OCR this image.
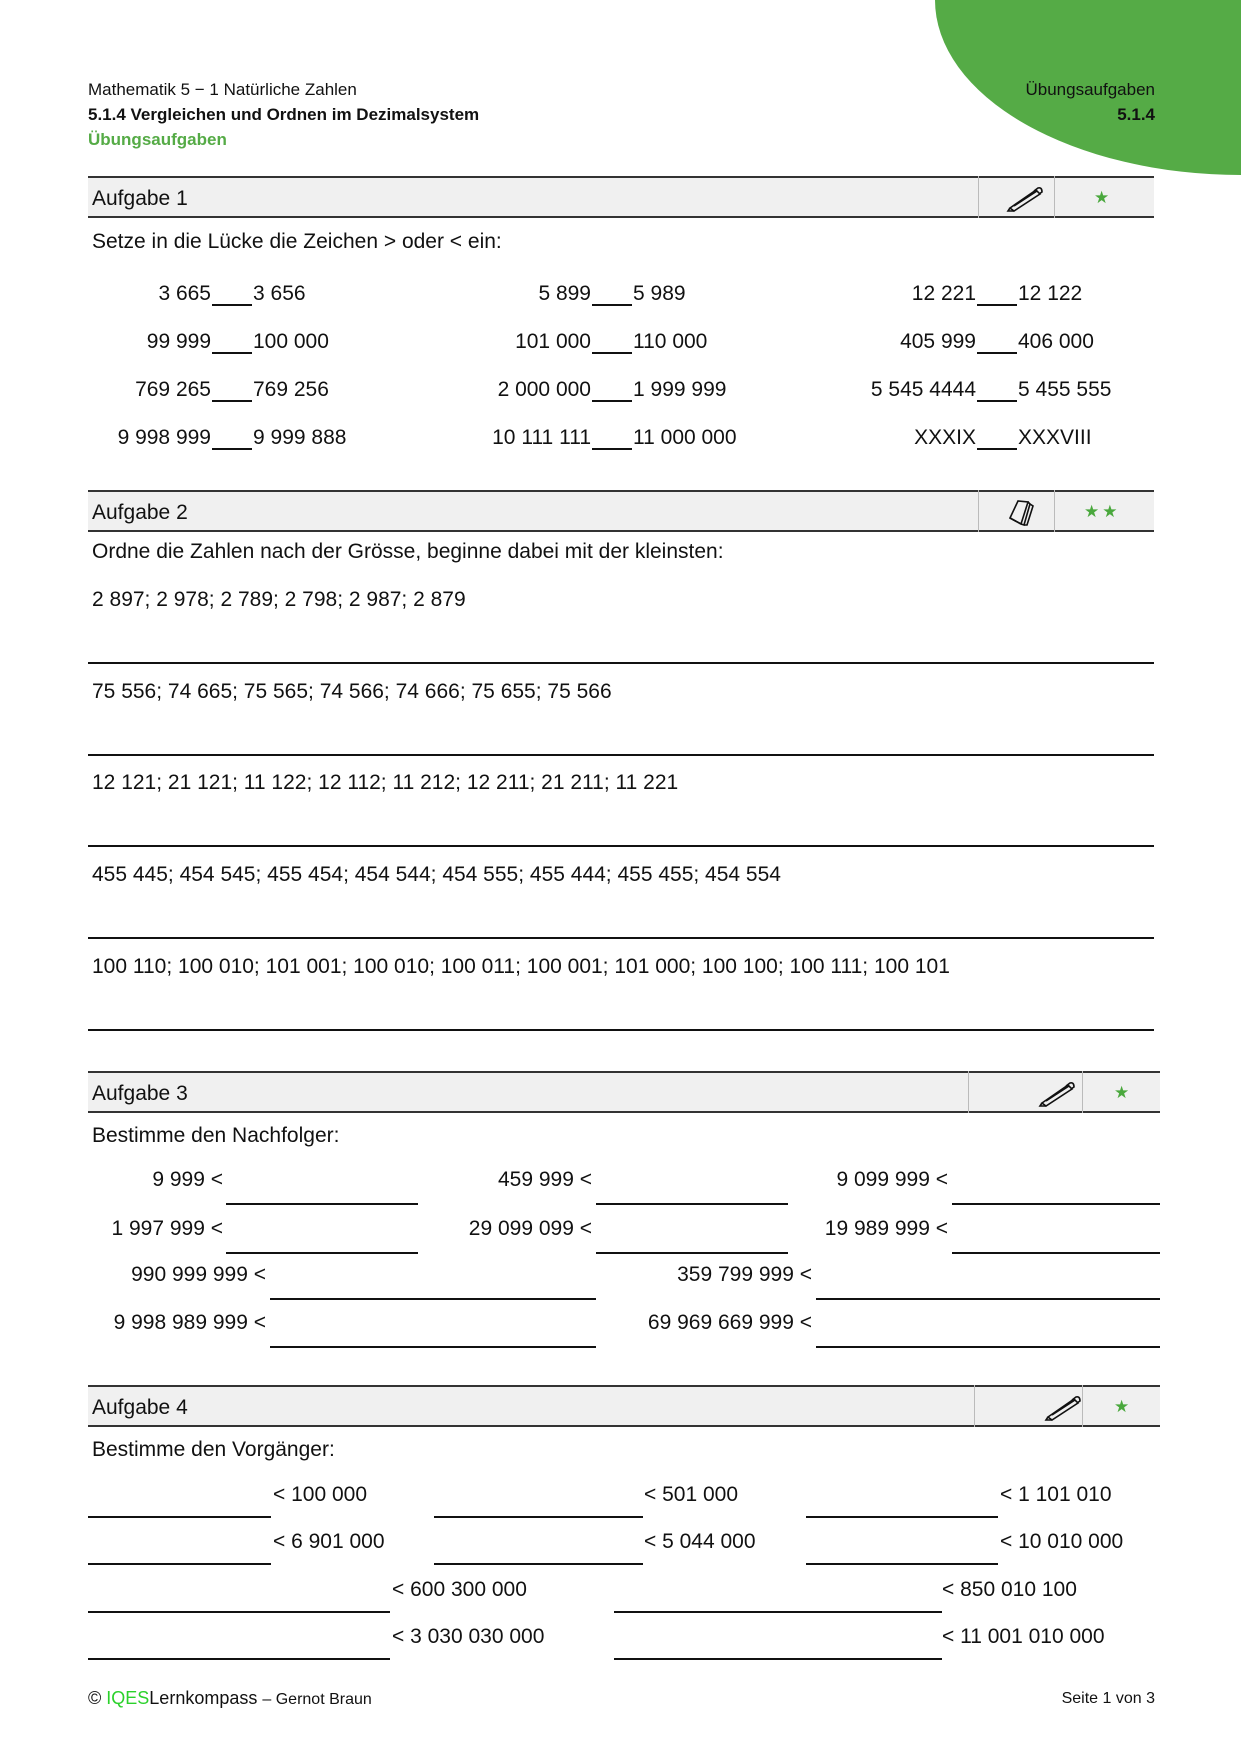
Mathematik 5 − 1 Natürliche Zahlen
5.1.4 Vergleichen und Ordnen im Dezimalsystem
Übungsaufgaben
Übungsaufgaben
5.1.4
Aufgabe 1	★
Setze in die Lücke die Zeichen > oder < ein:
3 665 3 656	5 899 5 989	12 221 12 122
99 999 100 000	101 000 110 000	405 999 406 000
769 265 769 256	2 000 000 1 999 999	5 545 4444 5 455 555
9 998 999 9 999 888	10 111 111 11 000 000	XXXIX XXXVIII
Aufgabe 2	★★
Ordne die Zahlen nach der Grösse, beginne dabei mit der kleinsten:
2 897; 2 978; 2 789; 2 798; 2 987; 2 879
75 556; 74 665; 75 565; 74 566; 74 666; 75 655; 75 566
12 121; 21 121; 11 122; 12 112; 11 212; 12 211; 21 211; 11 221
455 445; 454 545; 455 454; 454 544; 454 555; 455 444; 455 455; 454 554
100 110; 100 010; 101 001; 100 010; 100 011; 100 001; 101 000; 100 100; 100 111; 100 101
Aufgabe 3	★
Bestimme den Nachfolger:
9 999 <	459 999 <	9 099 999 <
1 997 999 <	29 099 099 <	19 989 999 <
990 999 999 <	359 799 999 <
9 998 989 999 <	69 969 669 999 <
Aufgabe 4	★
Bestimme den Vorgänger:
< 100 000	< 501 000	< 1 101 010
< 6 901 000	< 5 044 000	< 10 010 000
< 600 300 000	< 850 010 100
< 3 030 030 000	< 11 001 010 000
© IQESLernkompass – Gernot Braun	Seite 1 von 3
